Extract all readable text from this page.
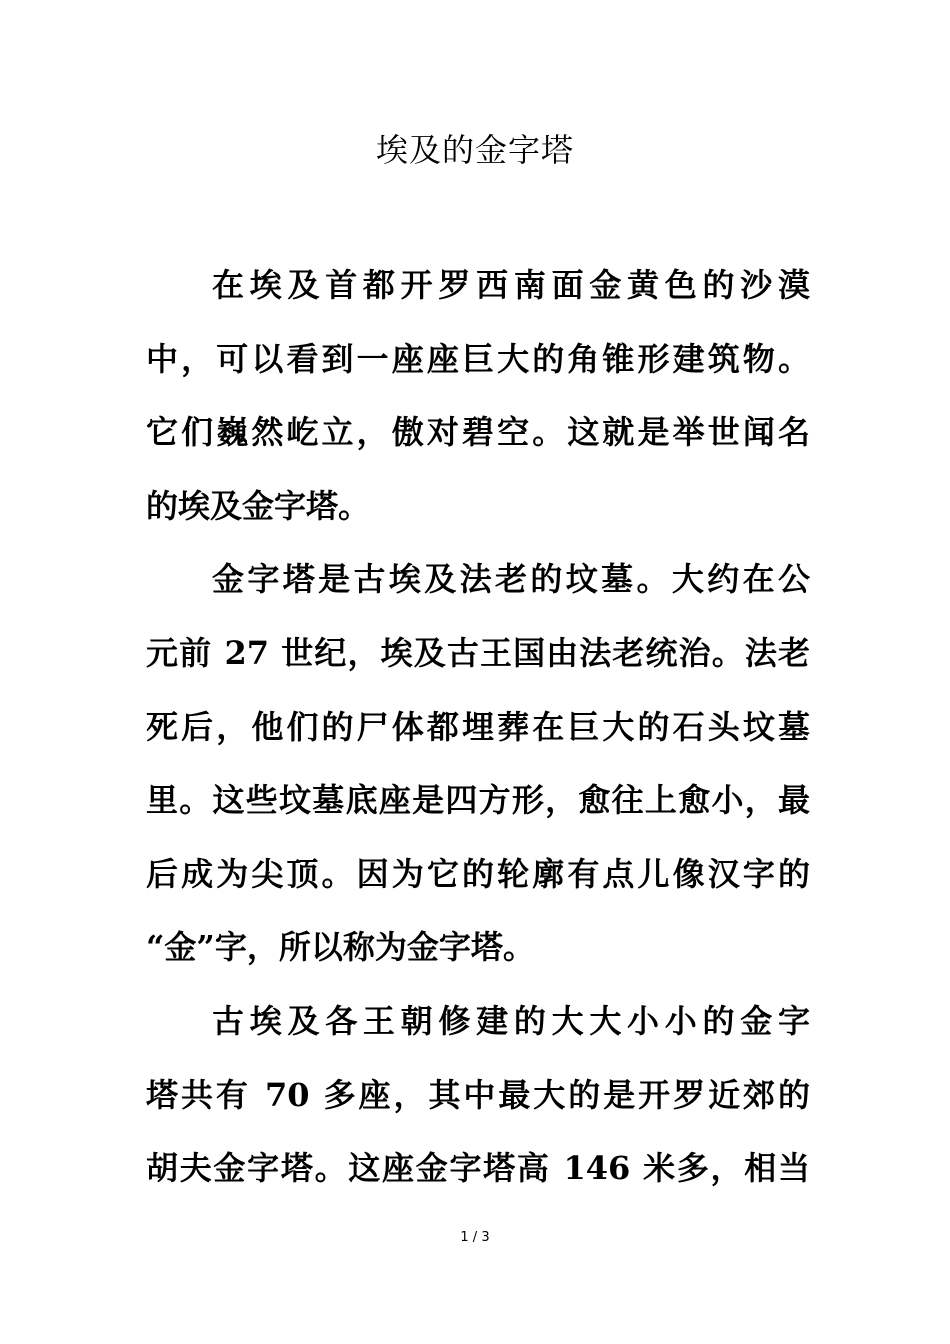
埃及的金字塔
在埃及首都开罗西南面金黄色的沙漠
中，可以看到一座座巨大的角锥形建筑物。
它们巍然屹立，傲对碧空。这就是举世闻名
的埃及金字塔。
金字塔是古埃及法老的坟墓。大约在公
元前 27 世纪，埃及古王国由法老统治。法老
死后，他们的尸体都埋葬在巨大的石头坟墓
里。这些坟墓底座是四方形，愈往上愈小，最
后成为尖顶。因为它的轮廓有点儿像汉字的
“金”字，所以称为金字塔。
古埃及各王朝修建的大大小小的金字
塔共有 70 多座，其中最大的是开罗近郊的
胡夫金字塔。这座金字塔高 146 米多，相当
1 / 3
